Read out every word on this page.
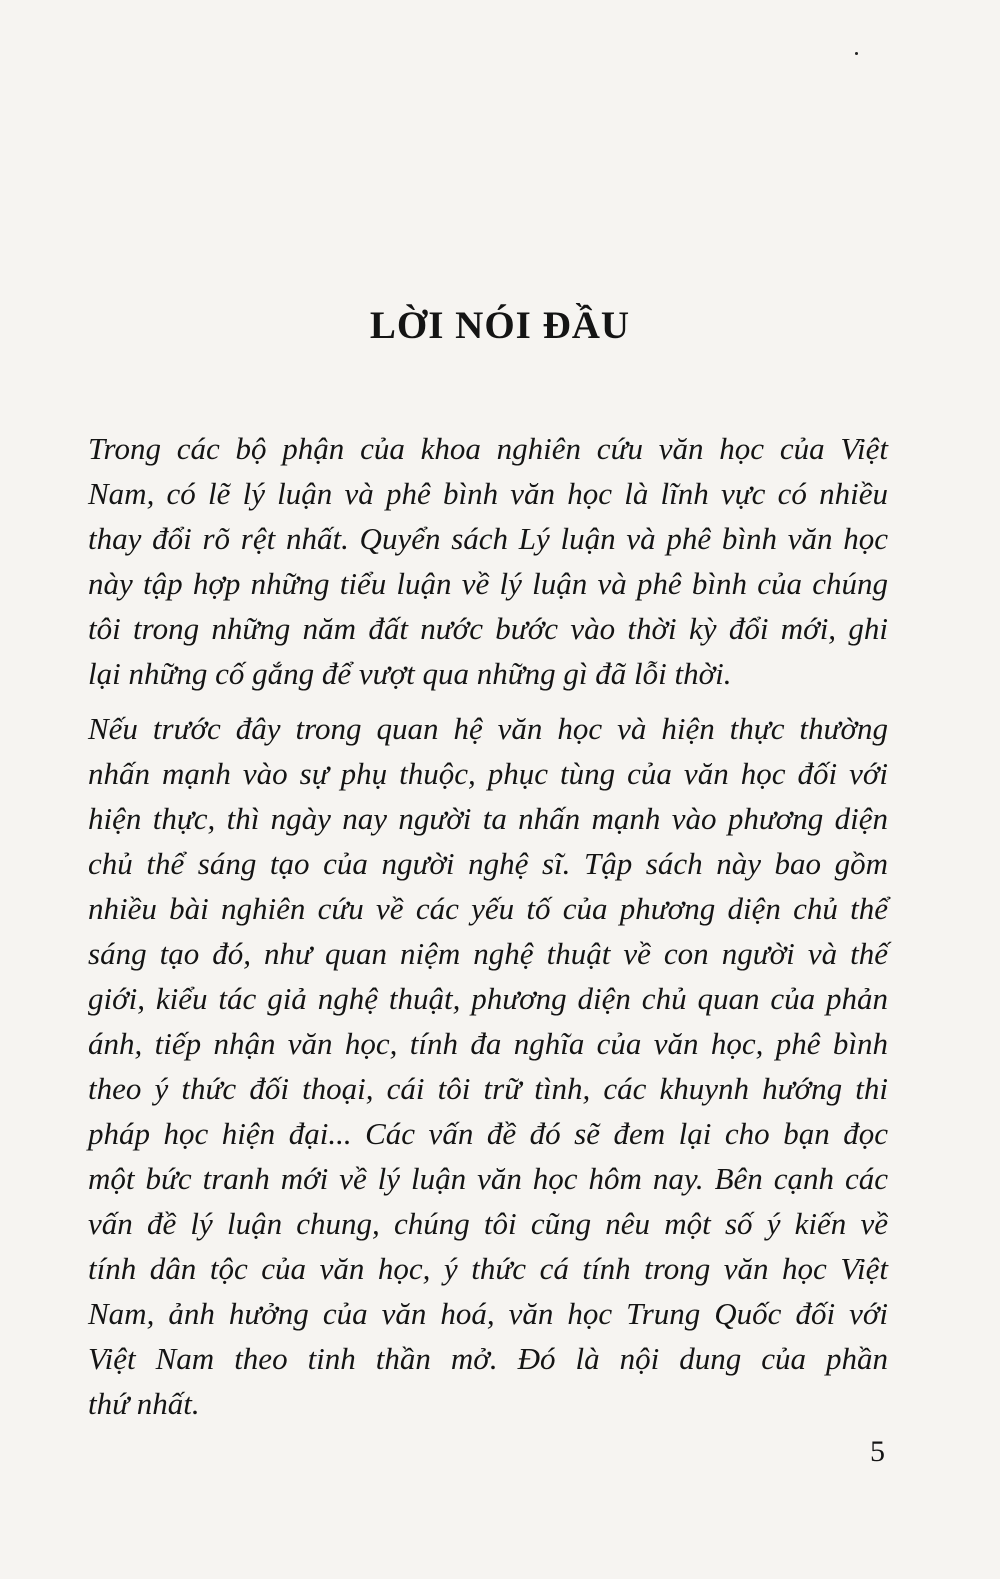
LỜI NÓI ĐẦU

Trong các bộ phận của khoa nghiên cứu văn học của Việt
Nam, có lẽ lý luận và phê bình văn học là lĩnh vực có nhiều
thay đổi rõ rệt nhất. Quyển sách Lý luận và phê bình văn học
này tập hợp những tiểu luận về lý luận và phê bình của chúng
tôi trong những năm đất nước bước vào thời kỳ đổi mới, ghi
lại những cố gắng để vượt qua những gì đã lỗi thời.

Nếu trước đây trong quan hệ văn học và hiện thực thường
nhấn mạnh vào sự phụ thuộc, phục tùng của văn học đối với
hiện thực, thì ngày nay người ta nhấn mạnh vào phương diện
chủ thể sáng tạo của người nghệ sĩ. Tập sách này bao gồm
nhiều bài nghiên cứu về các yếu tố của phương diện chủ thể
sáng tạo đó, như quan niệm nghệ thuật về con người và thế
giới, kiểu tác giả nghệ thuật, phương diện chủ quan của phản
ánh, tiếp nhận văn học, tính đa nghĩa của văn học, phê bình
theo ý thức đối thoại, cái tôi trữ tình, các khuynh hướng thi
pháp học hiện đại... Các vấn đề đó sẽ đem lại cho bạn đọc
một bức tranh mới về lý luận văn học hôm nay. Bên cạnh các
vấn đề lý luận chung, chúng tôi cũng nêu một số ý kiến về
tính dân tộc của văn học, ý thức cá tính trong văn học Việt
Nam, ảnh hưởng của văn hoá, văn học Trung Quốc đối với
Việt Nam theo tinh thần mở. Đó là nội dung của phần
thứ nhất.

5
